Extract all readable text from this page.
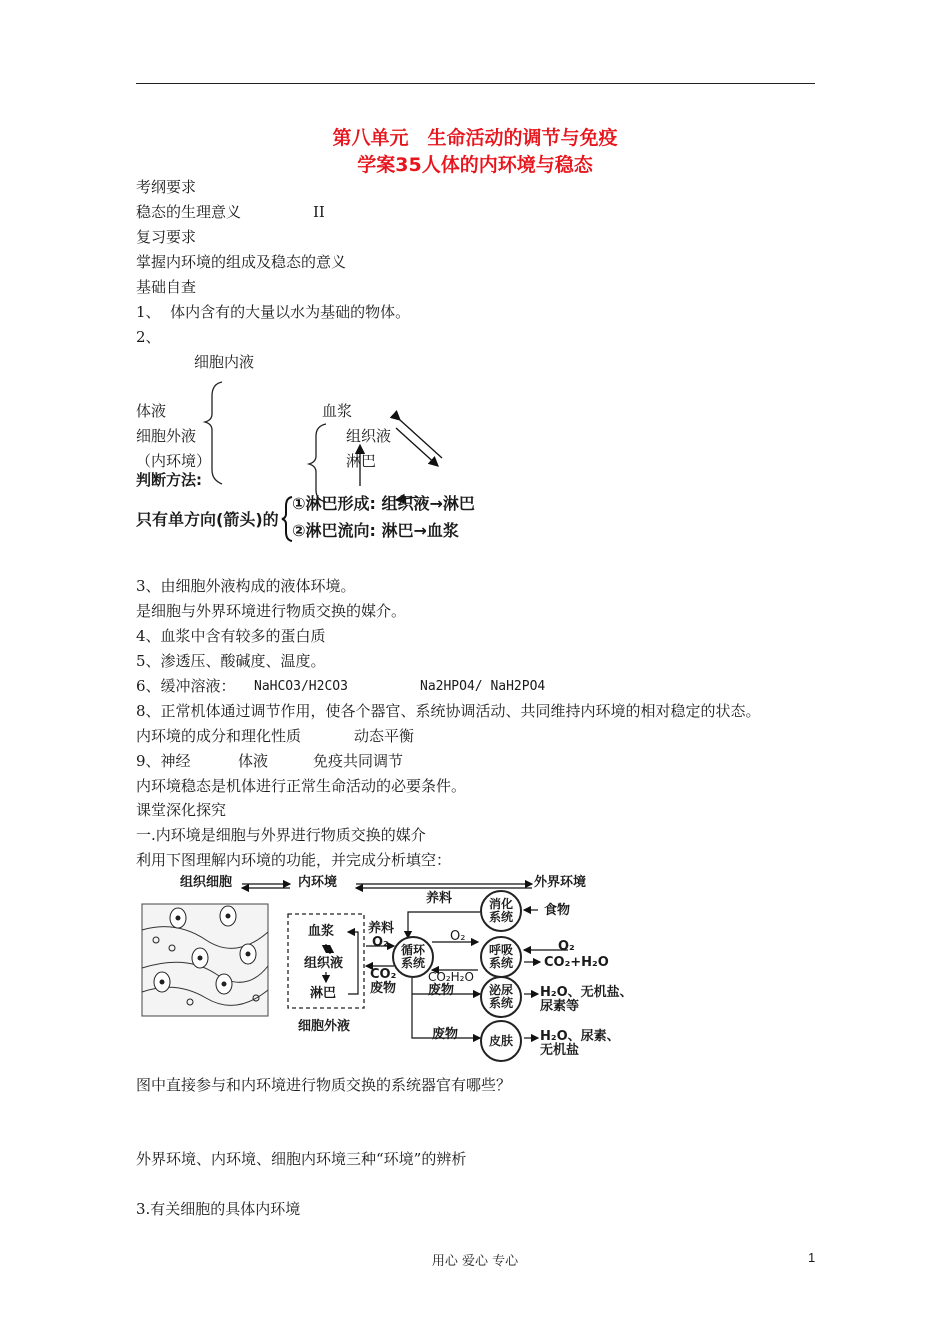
第八单元　生命活动的调节与免疫
学案35人体的内环境与稳态
考纲要求
稳态的生理意义	II
复习要求
掌握内环境的组成及稳态的意义
基础自查
1、  体内含有的大量以水为基础的物体。
2、
细胞内液
体液
细胞外液
（内环境）
血浆
组织液
淋巴
判断方法:
只有单方向(箭头)的
①淋巴形成: 组织液→淋巴
②淋巴流向: 淋巴→血浆
3、由细胞外液构成的液体环境。
是细胞与外界环境进行物质交换的媒介。
4、血浆中含有较多的蛋白质
5、渗透压、酸碱度、温度。
6、缓冲溶液： NaHCO3/H2CO3	Na2HPO4/ NaH2PO4
8、正常机体通过调节作用，使各个器官、系统协调活动、共同维持内环境的相对稳定的状态。
内环境的成分和理化性质	动态平衡
9、神经	体液	免疫共同调节
内环境稳态是机体进行正常生命活动的必要条件。
课堂深化探究
一.内环境是细胞与外界进行物质交换的媒介
利用下图理解内环境的功能，并完成分析填空：
组织细胞	内环境	外界环境
血浆
组织液
淋巴
细胞外液
养料
养料
O₂
CO₂
废物
O₂
CO₂H₂O
食物
O₂
CO₂+H₂O
废物
废物
H₂O、无机盐、
尿素等
H₂O、尿素、
无机盐
循环
系统
消化
系统
呼吸
系统
泌尿
系统
皮肤
图中直接参与和内环境进行物质交换的系统器官有哪些？
外界环境、内环境、细胞内环境三种“环境”的辨析
3.有关细胞的具体内环境
用心 爱心 专心	1
